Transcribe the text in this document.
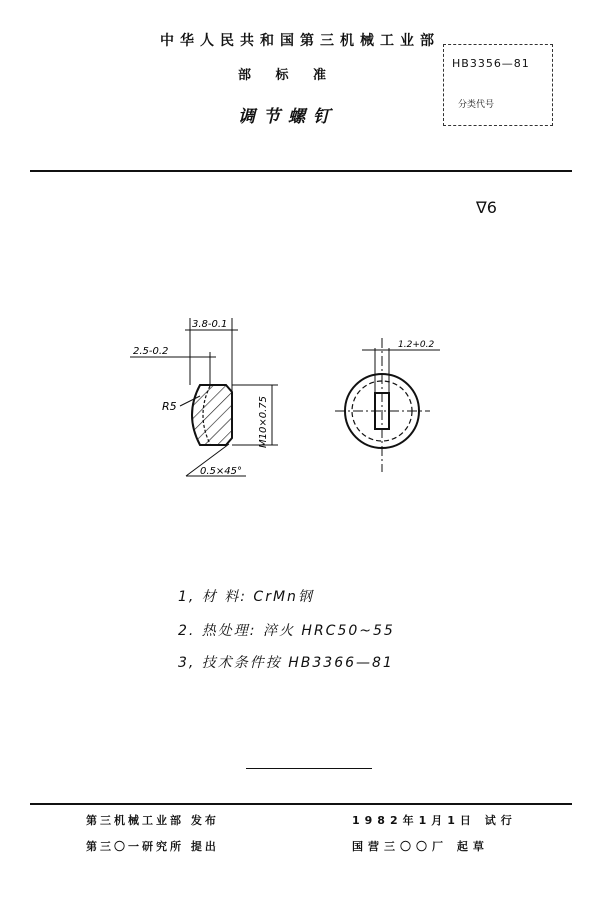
中华人民共和国第三机械工业部
部 标 准
调节螺钉
HB3356—81
分类代号
∇6
3.8-0.1
2.5-0.2
R5	M10×0.75
0.5×45°
1.2+0.2
1, 材 料: CrMn钢
2. 热处理: 淬火 HRC50~55
3, 技术条件按 HB3366—81
第三机械工业部 发布
第三〇一研究所 提出
1982年1月1日 试行
国营三〇〇厂 起草
